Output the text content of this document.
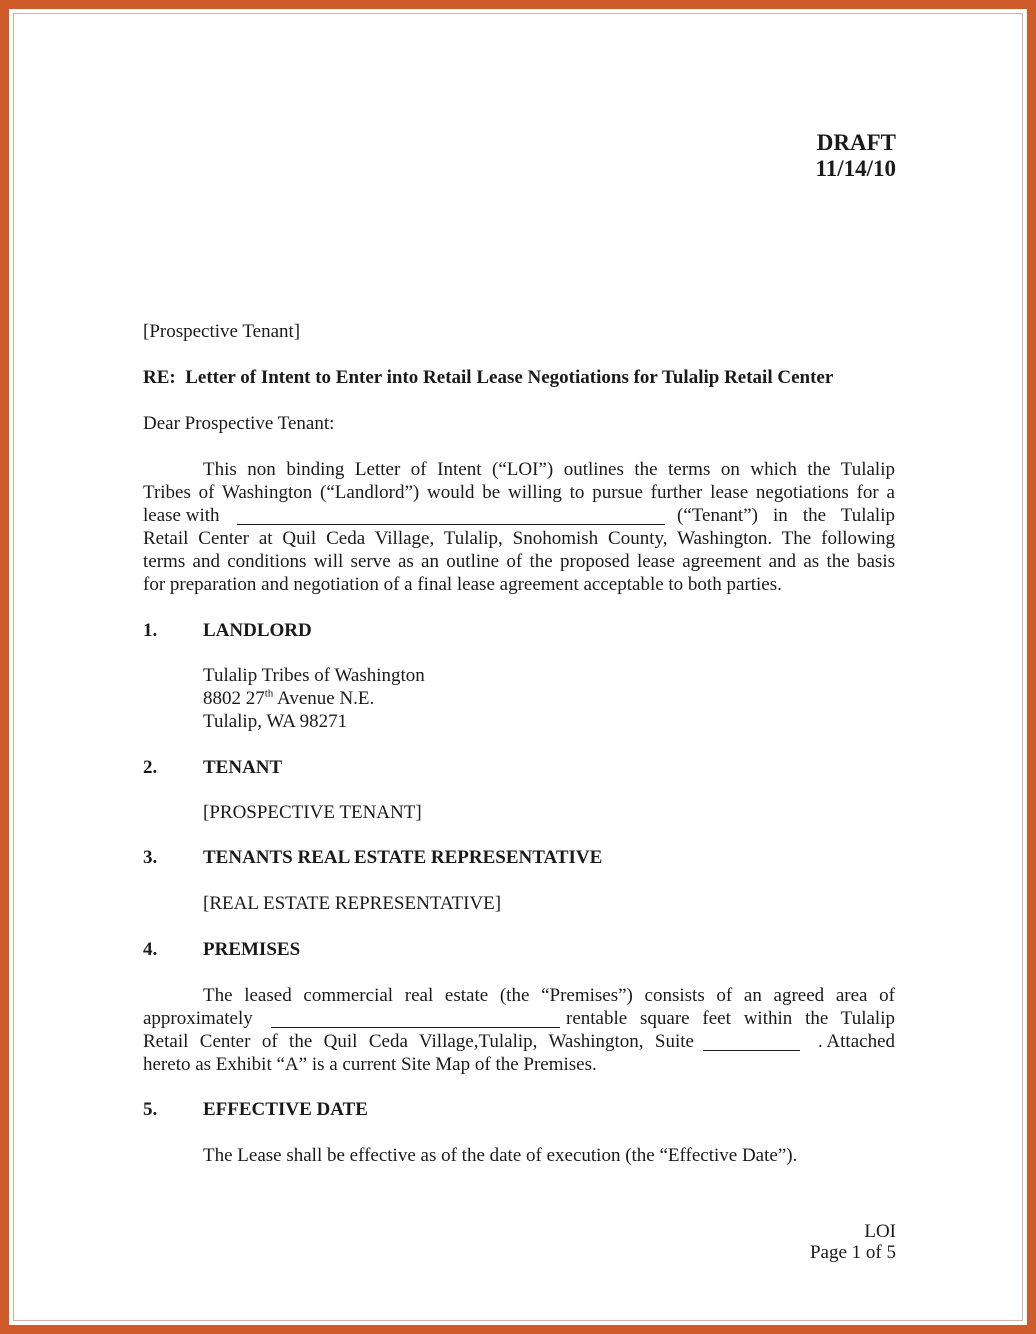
DRAFT
11/14/10
[Prospective Tenant]
RE: Letter of Intent to Enter into Retail Lease Negotiations for Tulalip Retail Center
Dear Prospective Tenant:
This non binding Letter of Intent (“LOI”) outlines the terms on which the Tulalip
Tribes of Washington (“Landlord”) would be willing to pursue further lease negotiations for a
lease with	(“Tenant”) in the Tulalip
Retail Center at Quil Ceda Village, Tulalip, Snohomish County, Washington. The following
terms and conditions will serve as an outline of the proposed lease agreement and as the basis
for preparation and negotiation of a final lease agreement acceptable to both parties.
1. LANDLORD
Tulalip Tribes of Washington
8802 27th Avenue N.E.
Tulalip, WA 98271
2. TENANT
[PROSPECTIVE TENANT]
3. TENANTS REAL ESTATE REPRESENTATIVE
[REAL ESTATE REPRESENTATIVE]
4. PREMISES
The leased commercial real estate (the “Premises”) consists of an agreed area of
approximately	rentable square feet within the Tulalip
Retail Center of the Quil Ceda Village,Tulalip, Washington, Suite	. Attached
hereto as Exhibit “A” is a current Site Map of the Premises.
5. EFFECTIVE DATE
The Lease shall be effective as of the date of execution (the “Effective Date”).
LOI
Page 1 of 5
